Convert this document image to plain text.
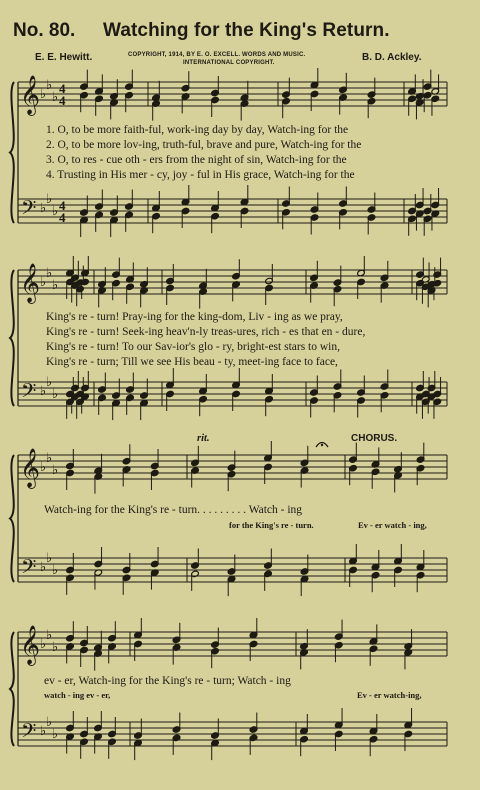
No. 80. Watching for the King's Return.
E. E. Hewitt.	COPYRIGHT, 1914, BY E. O. EXCELL. WORDS AND MUSIC.
INTERNATIONAL COPYRIGHT.	B. D. Ackley.
𝄞
𝄢
♭
♭
♭
♭
♭
♭
4
4
4
4
𝄞
𝄢
♭
♭
♭
♭
♭
♭
𝄞
𝄢
♭
♭
♭
♭
♭
♭
𝄞
𝄢
♭
♭
♭
♭
♭
♭
1. O, to be more faith-ful, work-ing day by day, Watch-ing for the
2. O, to be more lov-ing, truth-ful, brave and pure, Watch-ing for the
3. O, to res - cue oth - ers from the night of sin, Watch-ing for the
4. Trusting in His mer - cy, joy - ful in His grace, Watch-ing for the
King's re - turn! Pray-ing for the king-dom, Liv - ing as we pray,
King's re - turn! Seek-ing heav'n-ly treas-ures, rich - es that en - dure,
King's re - turn! To our Sav-ior's glo - ry, bright-est stars to win,
King's re - turn; Till we see His beau - ty, meet-ing face to face,
rit.	CHORUS.
Watch-ing for the King's re - turn. . . . . . . . . Watch - ing
for the King's re - turn.	Ev - er watch - ing,
ev - er, Watch-ing for the King's re - turn; Watch - ing
watch - ing ev - er,	Ev - er watch-ing,
